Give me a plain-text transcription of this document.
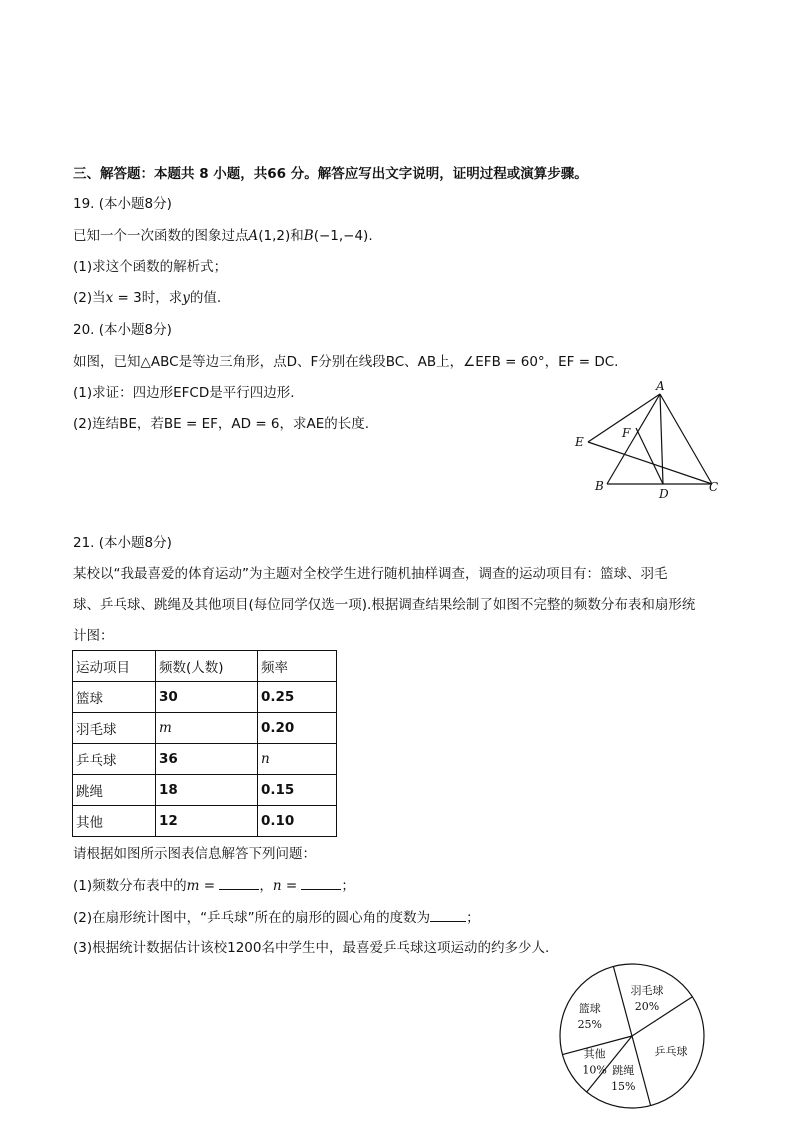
三、解答题：本题共 8 小题，共66 分。解答应写出文字说明，证明过程或演算步骤。
19. (本小题8分)
已知一个一次函数的图象过点A(1,2)和B(−1,−4).
(1)求这个函数的解析式；
(2)当x = 3时，求y的值.
20. (本小题8分)
如图，已知△ABC是等边三角形，点D、F分别在线段BC、AB上，∠EFB = 60°，EF = DC.
(1)求证：四边形EFCD是平行四边形.
(2)连结BE，若BE = EF，AD = 6，求AE的长度.
A
E
F
B
D	C
21. (本小题8分)
某校以“我最喜爱的体育运动”为主题对全校学生进行随机抽样调查，调查的运动项目有：篮球、羽毛
球、乒乓球、跳绳及其他项目(每位同学仅选一项).根据调查结果绘制了如图不完整的频数分布表和扇形统
计图：
运动项目	频数(人数)	频率
篮球	30	0.25
羽毛球	m	0.20
乒乓球	36	n
跳绳	18	0.15
其他	12	0.10
请根据如图所示图表信息解答下列问题：
(1)频数分布表中的m =	，n =	；
(2)在扇形统计图中，“乒乓球”所在的扇形的圆心角的度数为	；
(3)根据统计数据估计该校1200名中学生中，最喜爱乒乓球这项运动的约多少人.
篮球
25%
羽毛球
20%
乒乓球
跳绳
15%
其他
10%
